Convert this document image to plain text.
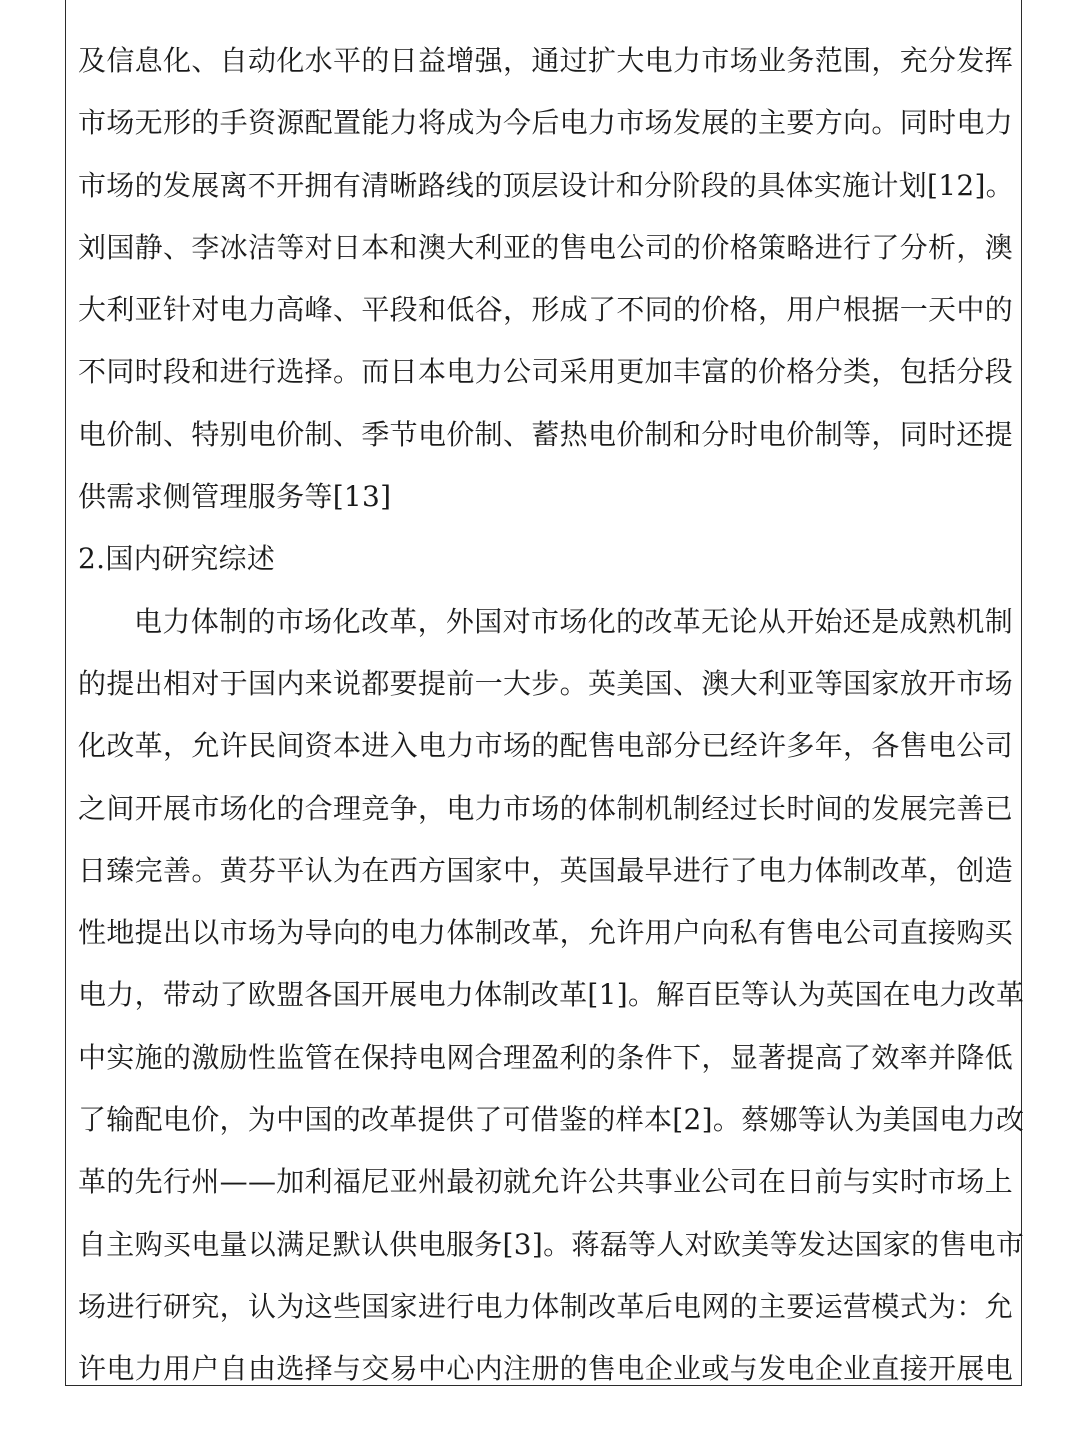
及信息化、自动化水平的日益增强，通过扩大电力市场业务范围，充分发挥
市场无形的手资源配置能力将成为今后电力市场发展的主要方向。同时电力
市场的发展离不开拥有清晰路线的顶层设计和分阶段的具体实施计划[12]。
刘国静、李冰洁等对日本和澳大利亚的售电公司的价格策略进行了分析，澳
大利亚针对电力高峰、平段和低谷，形成了不同的价格，用户根据一天中的
不同时段和进行选择。而日本电力公司采用更加丰富的价格分类，包括分段
电价制、特别电价制、季节电价制、蓄热电价制和分时电价制等，同时还提
供需求侧管理服务等[13]
2.国内研究综述
电力体制的市场化改革，外国对市场化的改革无论从开始还是成熟机制
的提出相对于国内来说都要提前一大步。英美国、澳大利亚等国家放开市场
化改革，允许民间资本进入电力市场的配售电部分已经许多年，各售电公司
之间开展市场化的合理竞争，电力市场的体制机制经过长时间的发展完善已
日臻完善。黄芬平认为在西方国家中，英国最早进行了电力体制改革，创造
性地提出以市场为导向的电力体制改革，允许用户向私有售电公司直接购买
电力，带动了欧盟各国开展电力体制改革[1]。解百臣等认为英国在电力改革
中实施的激励性监管在保持电网合理盈利的条件下，显著提高了效率并降低
了输配电价，为中国的改革提供了可借鉴的样本[2]。蔡娜等认为美国电力改
革的先行州——加利福尼亚州最初就允许公共事业公司在日前与实时市场上
自主购买电量以满足默认供电服务[3]。蒋磊等人对欧美等发达国家的售电市
场进行研究，认为这些国家进行电力体制改革后电网的主要运营模式为：允
许电力用户自由选择与交易中心内注册的售电企业或与发电企业直接开展电
